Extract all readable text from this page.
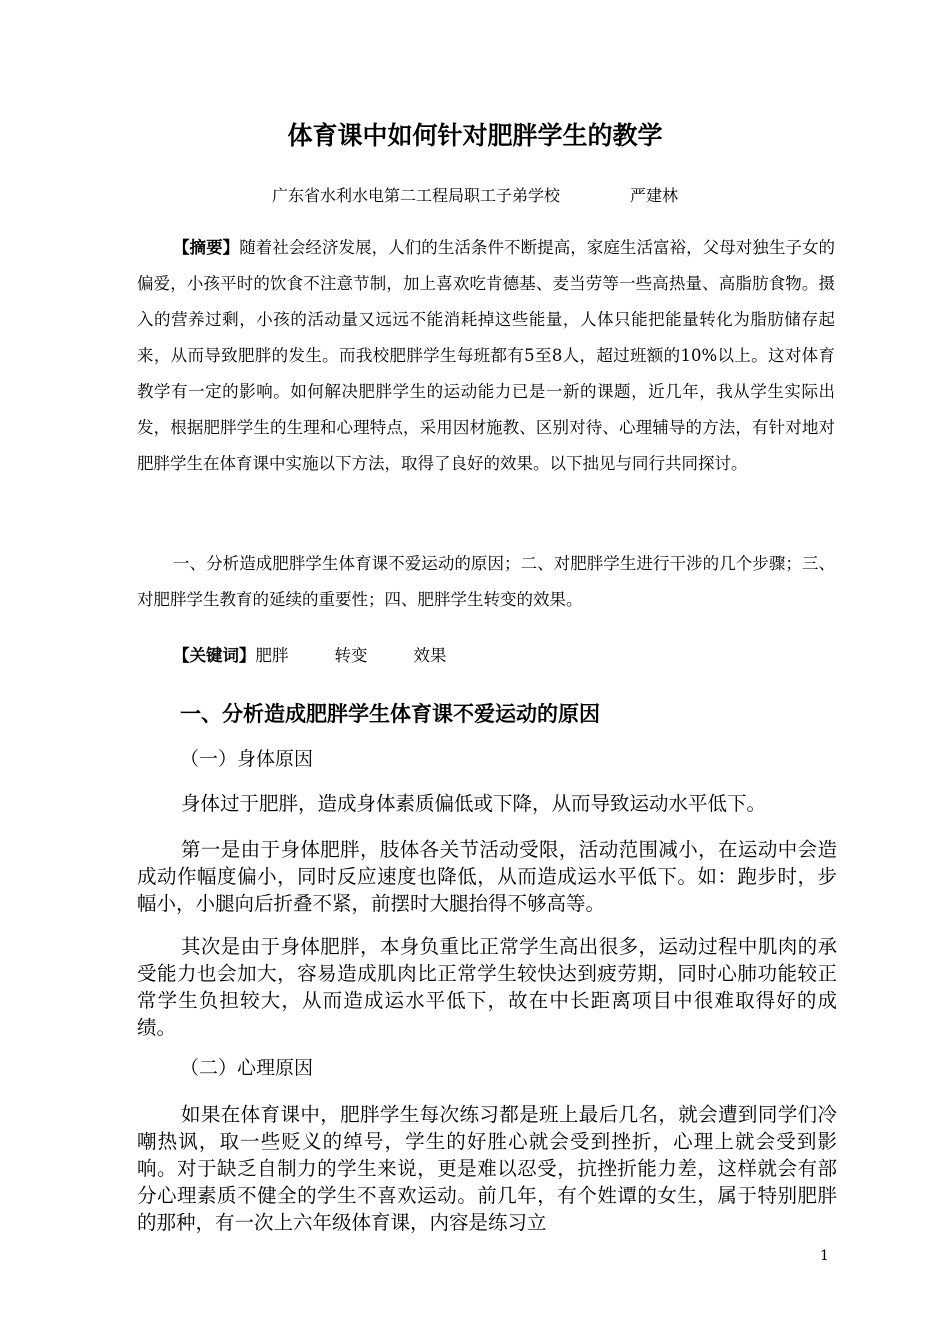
体育课中如何针对肥胖学生的教学
广东省水利水电第二工程局职工子弟学校	严建林
【摘要】随着社会经济发展，人们的生活条件不断提高，家庭生活富裕，父母对独生子女的偏爱，小孩平时的饮食不注意节制，加上喜欢吃肯德基、麦当劳等一些高热量、高脂肪食物。摄入的营养过剩，小孩的活动量又远远不能消耗掉这些能量，人体只能把能量转化为脂肪储存起来，从而导致肥胖的发生。而我校肥胖学生每班都有5至8人，超过班额的10%以上。这对体育教学有一定的影响。如何解决肥胖学生的运动能力已是一新的课题，近几年，我从学生实际出发，根据肥胖学生的生理和心理特点，采用因材施教、区别对待、心理辅导的方法，有针对地对肥胖学生在体育课中实施以下方法，取得了良好的效果。以下拙见与同行共同探讨。
一、分析造成肥胖学生体育课不爱运动的原因；二、对肥胖学生进行干涉的几个步骤；三、对肥胖学生教育的延续的重要性；四、肥胖学生转变的效果。
【关键词】肥胖	转变	效果
一、分析造成肥胖学生体育课不爱运动的原因
（一）身体原因
身体过于肥胖，造成身体素质偏低或下降，从而导致运动水平低下。
第一是由于身体肥胖，肢体各关节活动受限，活动范围减小，在运动中会造成动作幅度偏小，同时反应速度也降低，从而造成运水平低下。如：跑步时，步幅小，小腿向后折叠不紧，前摆时大腿抬得不够高等。
其次是由于身体肥胖，本身负重比正常学生高出很多，运动过程中肌肉的承受能力也会加大，容易造成肌肉比正常学生较快达到疲劳期，同时心肺功能较正常学生负担较大，从而造成运水平低下，故在中长距离项目中很难取得好的成绩。
（二）心理原因
如果在体育课中，肥胖学生每次练习都是班上最后几名，就会遭到同学们冷嘲热讽，取一些贬义的绰号，学生的好胜心就会受到挫折，心理上就会受到影响。对于缺乏自制力的学生来说，更是难以忍受，抗挫折能力差，这样就会有部分心理素质不健全的学生不喜欢运动。前几年，有个姓谭的女生，属于特别肥胖的那种，有一次上六年级体育课，内容是练习立
1
